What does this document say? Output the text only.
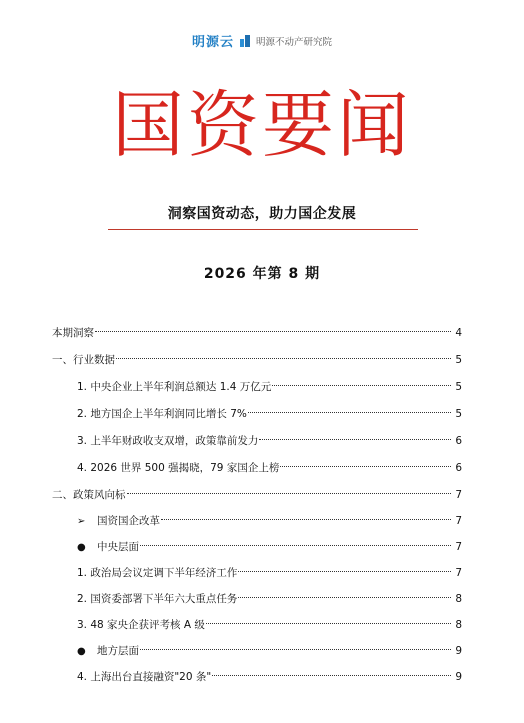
明源云 明源不动产研究院
国资要闻
洞察国资动态，助力国企发展
2026 年第 8 期
本期洞察	4
一、行业数据	5
1. 中央企业上半年利润总额达 1.4 万亿元	5
2. 地方国企上半年利润同比增长 7%	5
3. 上半年财政收支双增，政策靠前发力	6
4. 2026 世界 500 强揭晓，79 家国企上榜	6
二、政策风向标	7
➢	国资国企改革	7
●	中央层面	7
1. 政治局会议定调下半年经济工作	7
2. 国资委部署下半年六大重点任务	8
3. 48 家央企获评考核 A 级	8
●	地方层面	9
4. 上海出台直接融资"20 条"	9
